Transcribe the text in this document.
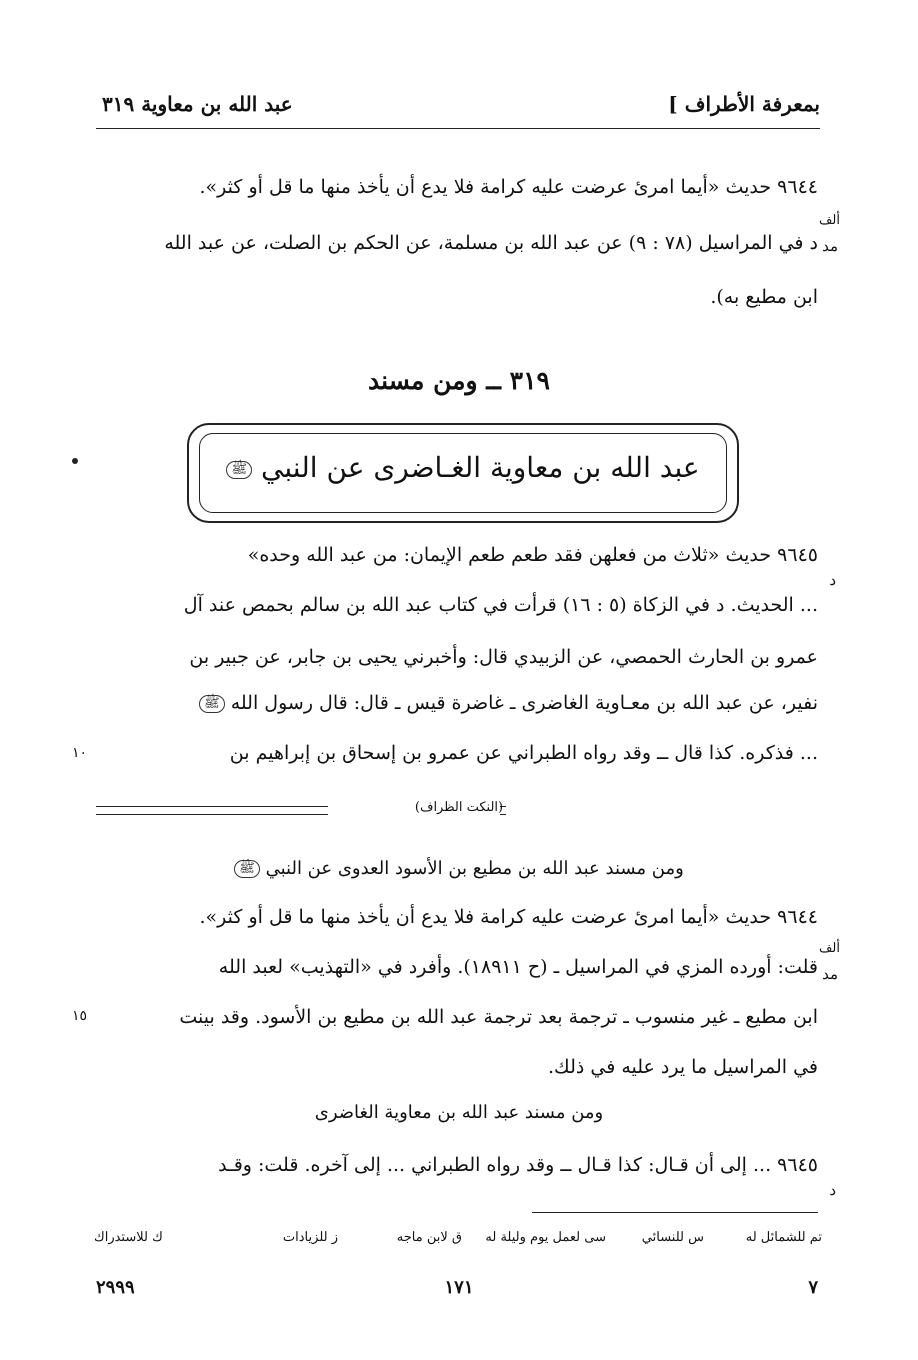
بمعرفة الأطراف ]
عبد الله بن معاوية ٣١٩
٩٦٤٤ حديث «أيما امرئ عرضت عليه كرامة فلا يدع أن يأخذ منها ما قل أو كثر».
ألف
مد
د في المراسيل (٧٨ : ٩) عن عبد الله بن مسلمة، عن الحكم بن الصلت، عن عبد الله
ابن مطيع به).
٣١٩ ــ ومن مسند
عبد الله بن معاوية الغـاضرى عن النبي ﷺ
٩٦٤٥ حديث «ثلاث من فعلهن فقد طعم طعم الإيمان: من عبد الله وحده»
د
... الحديث. د في الزكاة (٥ : ١٦) قرأت في كتاب عبد الله بن سالم بحمص عند آل
عمرو بن الحارث الحمصي، عن الزبيدي قال: وأخبرني يحيى بن جابر، عن جبير بن
نفير، عن عبد الله بن معـاوية الغاضرى ـ غاضرة قيس ـ قال: قال رسول الله ﷺ
... فذكره. كذا قال ــ وقد رواه الطبراني عن عمرو بن إسحاق بن إبراهيم بن
١٠
(النكت الظراف)
ومن مسند عبد الله بن مطيع بن الأسود العدوى عن النبي ﷺ
٩٦٤٤ حديث «أيما امرئ عرضت عليه كرامة فلا يدع أن يأخذ منها ما قل أو كثر».
ألف
مد
قلت: أورده المزي في المراسيل ـ (ح ١٨٩١١). وأفرد في «التهذيب» لعبد الله
ابن مطيع ـ غير منسوب ـ ترجمة بعد ترجمة عبد الله بن مطيع بن الأسود. وقد بينت
١٥
في المراسيل ما يرد عليه في ذلك.
ومن مسند عبد الله بن معاوية الغاضرى
٩٦٤٥ ... إلى أن قـال: كذا قـال ــ وقد رواه الطبراني ... إلى آخره. قلت: وقـد
د
تم للشمائل له
س للنسائي
سى لعمل يوم وليلة له
ق لابن ماجه
ز للزيادات
ك للاستدراك
٧
١٧١
٢٩٩٩
